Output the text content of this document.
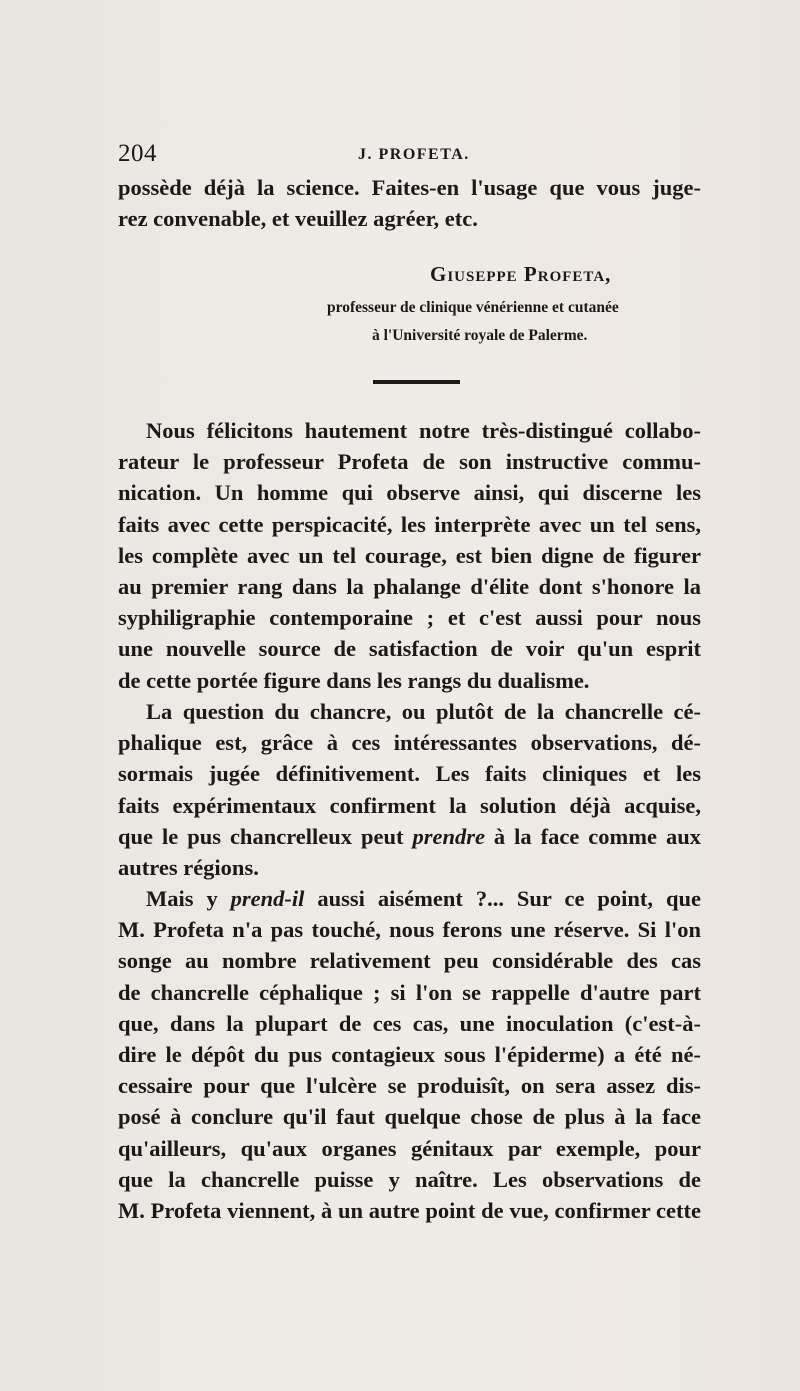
204	J. PROFETA.
possède déjà la science. Faites-en l'usage que vous juge-
rez convenable, et veuillez agréer, etc.
Giuseppe Profeta,
professeur de clinique vénérienne et cutanée
à l'Université royale de Palerme.
Nous félicitons hautement notre très-distingué collabo-
rateur le professeur Profeta de son instructive commu-
nication. Un homme qui observe ainsi, qui discerne les
faits avec cette perspicacité, les interprète avec un tel sens,
les complète avec un tel courage, est bien digne de figurer
au premier rang dans la phalange d'élite dont s'honore la
syphiligraphie contemporaine ; et c'est aussi pour nous
une nouvelle source de satisfaction de voir qu'un esprit
de cette portée figure dans les rangs du dualisme.
La question du chancre, ou plutôt de la chancrelle cé-
phalique est, grâce à ces intéressantes observations, dé-
sormais jugée définitivement. Les faits cliniques et les
faits expérimentaux confirment la solution déjà acquise,
que le pus chancrelleux peut prendre à la face comme aux
autres régions.
Mais y prend-il aussi aisément ?... Sur ce point, que
M. Profeta n'a pas touché, nous ferons une réserve. Si l'on
songe au nombre relativement peu considérable des cas
de chancrelle céphalique ; si l'on se rappelle d'autre part
que, dans la plupart de ces cas, une inoculation (c'est-à-
dire le dépôt du pus contagieux sous l'épiderme) a été né-
cessaire pour que l'ulcère se produisît, on sera assez dis-
posé à conclure qu'il faut quelque chose de plus à la face
qu'ailleurs, qu'aux organes génitaux par exemple, pour
que la chancrelle puisse y naître. Les observations de
M. Profeta viennent, à un autre point de vue, confirmer cette
